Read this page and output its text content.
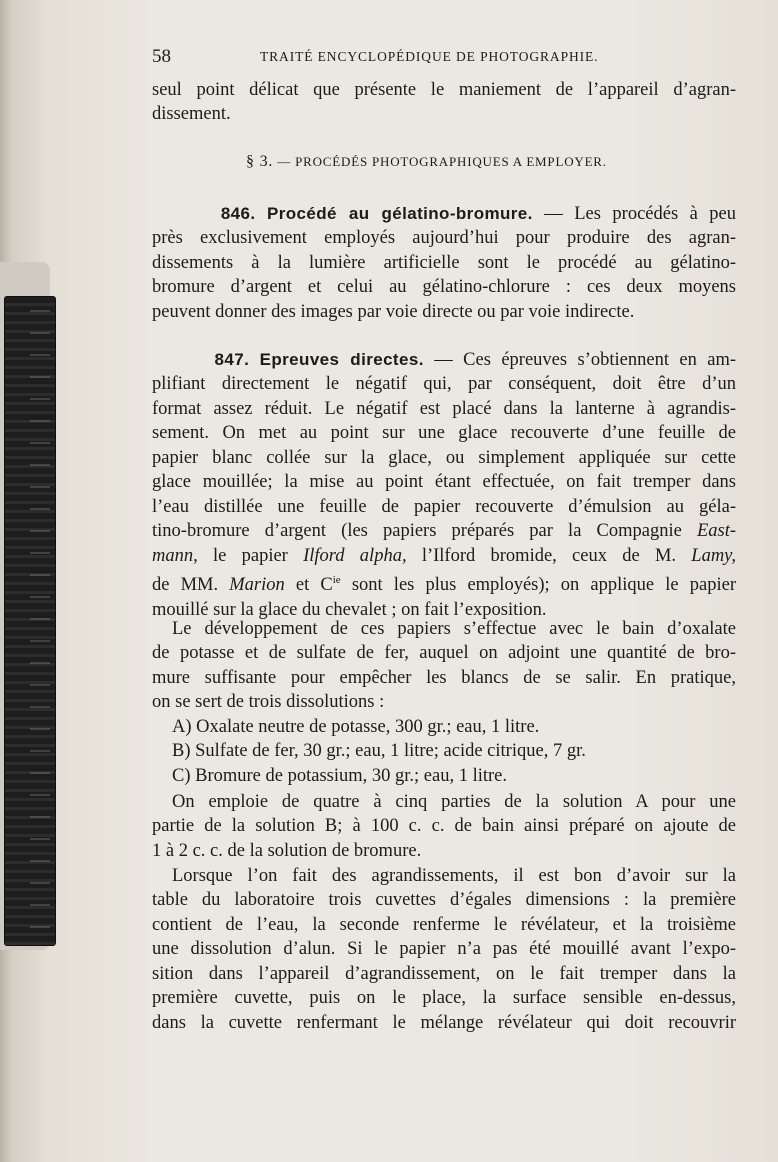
58	TRAITÉ ENCYCLOPÉDIQUE DE PHOTOGRAPHIE.
seul point délicat que présente le maniement de l’appareil d’agran-
dissement.
§ 3. — PROCÉDÉS PHOTOGRAPHIQUES A EMPLOYER.
846. Procédé au gélatino-bromure. — Les procédés à peu
près exclusivement employés aujourd’hui pour produire des agran-
dissements à la lumière artificielle sont le procédé au gélatino-
bromure d’argent et celui au gélatino-chlorure : ces deux moyens
peuvent donner des images par voie directe ou par voie indirecte.
847. Epreuves directes. — Ces épreuves s’obtiennent en am-
plifiant directement le négatif qui, par conséquent, doit être d’un
format assez réduit. Le négatif est placé dans la lanterne à agrandis-
sement. On met au point sur une glace recouverte d’une feuille de
papier blanc collée sur la glace, ou simplement appliquée sur cette
glace mouillée; la mise au point étant effectuée, on fait tremper dans
l’eau distillée une feuille de papier recouverte d’émulsion au géla-
tino-bromure d’argent (les papiers préparés par la Compagnie East-
mann, le papier Ilford alpha, l’Ilford bromide, ceux de M. Lamy,
de MM. Marion et $C^{ie}$ sont les plus employés); on applique le papier
mouillé sur la glace du chevalet ; on fait l’exposition.
Le développement de ces papiers s’effectue avec le bain d’oxalate
de potasse et de sulfate de fer, auquel on adjoint une quantité de bro-
mure suffisante pour empêcher les blancs de se salir. En pratique,
on se sert de trois dissolutions :
A) Oxalate neutre de potasse, 300 gr.; eau, 1 litre.
B) Sulfate de fer, 30 gr.; eau, 1 litre; acide citrique, 7 gr.
C) Bromure de potassium, 30 gr.; eau, 1 litre.
On emploie de quatre à cinq parties de la solution A pour une
partie de la solution B; à 100 c. c. de bain ainsi préparé on ajoute de
1 à 2 c. c. de la solution de bromure.
Lorsque l’on fait des agrandissements, il est bon d’avoir sur la
table du laboratoire trois cuvettes d’égales dimensions : la première
contient de l’eau, la seconde renferme le révélateur, et la troisième
une dissolution d’alun. Si le papier n’a pas été mouillé avant l’expo-
sition dans l’appareil d’agrandissement, on le fait tremper dans la
première cuvette, puis on le place, la surface sensible en-dessus,
dans la cuvette renfermant le mélange révélateur qui doit recouvrir
